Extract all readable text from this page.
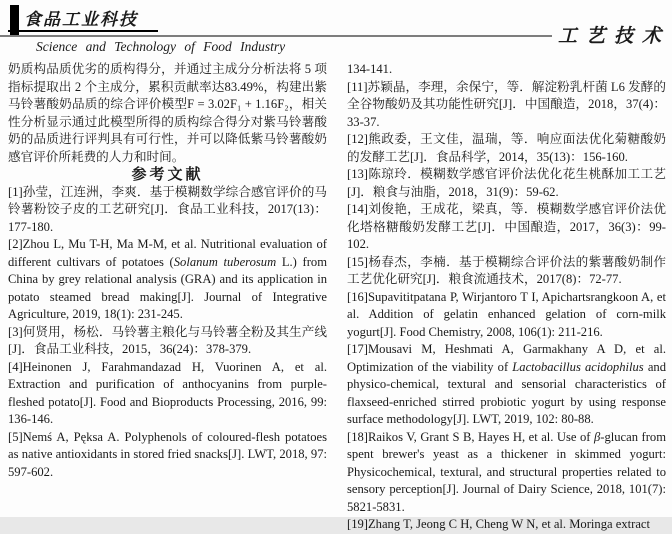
食品工业科技
工艺技术
Science and Technology of Food Industry

奶质构品质优劣的质构得分，并通过主成分分析法将 5 项指标提取出 2 个主成分，累积贡献率达83.49%，构建出紫马铃薯酸奶品质的综合评价模型F = 3.02F₁ + 1.16F₂，相关性分析显示通过此模型所得的质构综合得分对紫马铃薯酸奶的品质进行评判具有可行性，并可以降低紫马铃薯酸奶感官评价所耗费的人力和时间。

参考文献

[1]孙莹，江连洲，李爽．基于模糊数学综合感官评价的马铃薯粉饺子皮的工艺研究[J]．食品工业科技，2017(13)：177-180.

[2]Zhou L, Mu T-H, Ma M-M, et al. Nutritional evaluation of different cultivars of potatoes (Solanum tuberosum L.) from China by grey relational analysis (GRA) and its application in potato steamed bread making[J]. Journal of Integrative Agriculture, 2019, 18(1): 231-245.

[3]何贤用，杨松．马铃薯主粮化与马铃薯全粉及其生产线[J]．食品工业科技，2015，36(24)：378-379.

[4]Heinonen J, Farahmandazad H, Vuorinen A, et al. Extraction and purification of anthocyanins from purple-fleshed potato[J]. Food and Bioproducts Processing, 2016, 99: 136-146.

[5]Nemś A, Pęksa A. Polyphenols of coloured-flesh potatoes as native antioxidants in stored fried snacks[J]. LWT, 2018, 97: 597-602.

134-141.

[11]苏颖晶，李理，余保宁，等．解淀粉乳杆菌 L6 发酵的全谷物酸奶及其功能性研究[J]．中国酿造，2018，37(4)：33-37.

[12]熊政委，王文佳，温瑞，等．响应面法优化菊糖酸奶的发酵工艺[J]．食品科学，2014，35(13)：156-160.

[13]陈琼玲．模糊数学感官评价法优化花生桃酥加工工艺[J]．粮食与油脂，2018，31(9)：59-62.

[14]刘俊艳，王成花，梁真，等．模糊数学感官评价法优化塔格糖酸奶发酵工艺[J]．中国酿造，2017，36(3)：99-102.

[15]杨春杰，李楠．基于模糊综合评价法的紫薯酸奶制作工艺优化研究[J]．粮食流通技术，2017(8)：72-77.

[16]Supavititpatana P, Wirjantoro T I, Apichartsrangkoon A, et al. Addition of gelatin enhanced gelation of corn-milk yogurt[J]. Food Chemistry, 2008, 106(1): 211-216.

[17]Mousavi M, Heshmati A, Garmakhany A D, et al. Optimization of the viability of Lactobacillus acidophilus and physico-chemical, textural and sensorial characteristics of flaxseed-enriched stirred probiotic yogurt by using response surface methodology[J]. LWT, 2019, 102: 80-88.

[18]Raikos V, Grant S B, Hayes H, et al. Use of β-glucan from spent brewer's yeast as a thickener in skimmed yogurt: Physicochemical, textural, and structural properties related to sensory perception[J]. Journal of Dairy Science, 2018, 101(7): 5821-5831.

[19]Zhang T, Jeong C H, Cheng W N, et al. Moringa extract
